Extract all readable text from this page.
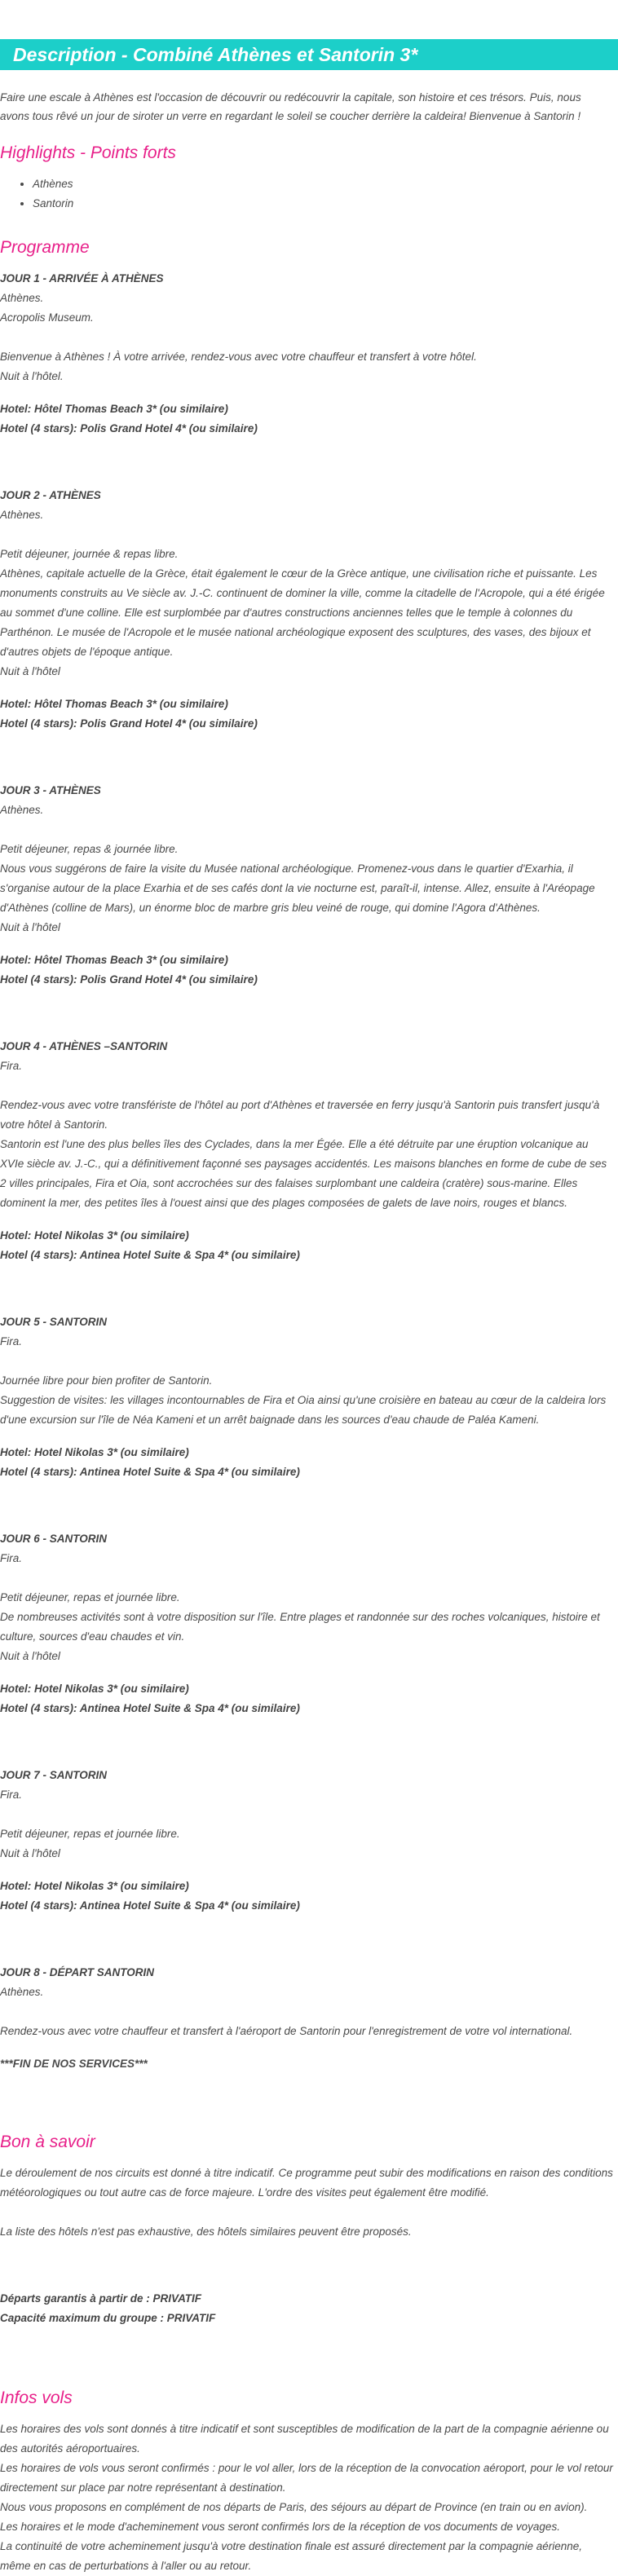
Description - Combiné Athènes et Santorin 3*

Faire une escale à Athènes est l'occasion de découvrir ou redécouvrir la capitale, son histoire et ces trésors. Puis, nous avons tous rêvé un jour de siroter un verre en regardant le soleil se coucher derrière la caldeira! Bienvenue à Santorin !

Highlights - Points forts
• Athènes
• Santorin
Programme
JOUR 1 - ARRIVÉE À ATHÈNES
Athènes.
Acropolis Museum.
Bienvenue à Athènes ! À votre arrivée, rendez-vous avec votre chauffeur et transfert à votre hôtel.
Nuit à l'hôtel.
Hotel: Hôtel Thomas Beach 3* (ou similaire)
Hotel (4 stars): Polis Grand Hotel 4* (ou similaire)
JOUR 2 - ATHÈNES
Athènes.
Petit déjeuner, journée & repas libre.
Athènes, capitale actuelle de la Grèce, était également le cœur de la Grèce antique, une civilisation riche et puissante. Les monuments construits au Ve siècle av. J.-C. continuent de dominer la ville, comme la citadelle de l'Acropole, qui a été érigée au sommet d'une colline. Elle est surplombée par d'autres constructions anciennes telles que le temple à colonnes du Parthénon. Le musée de l'Acropole et le musée national archéologique exposent des sculptures, des vases, des bijoux et d'autres objets de l'époque antique.
Nuit à l'hôtel
Hotel: Hôtel Thomas Beach 3* (ou similaire)
Hotel (4 stars): Polis Grand Hotel 4* (ou similaire)
JOUR 3 - ATHÈNES
Athènes.
Petit déjeuner, repas & journée libre.
Nous vous suggérons de faire la visite du Musée national archéologique. Promenez-vous dans le quartier d'Exarhia, il s'organise autour de la place Exarhia et de ses cafés dont la vie nocturne est, paraît-il, intense. Allez, ensuite à l'Aréopage d'Athènes (colline de Mars), un énorme bloc de marbre gris bleu veiné de rouge, qui domine l'Agora d'Athènes.
Nuit à l'hôtel
Hotel: Hôtel Thomas Beach 3* (ou similaire)
Hotel (4 stars): Polis Grand Hotel 4* (ou similaire)
JOUR 4 - ATHÈNES –SANTORIN
Fira.
Rendez-vous avec votre transfériste de l'hôtel au port d'Athènes et traversée en ferry jusqu'à Santorin puis transfert jusqu'à votre hôtel à Santorin.
Santorin est l'une des plus belles îles des Cyclades, dans la mer Égée. Elle a été détruite par une éruption volcanique au XVIe siècle av. J.-C., qui a définitivement façonné ses paysages accidentés. Les maisons blanches en forme de cube de ses 2 villes principales, Fira et Oia, sont accrochées sur des falaises surplombant une caldeira (cratère) sous-marine. Elles dominent la mer, des petites îles à l'ouest ainsi que des plages composées de galets de lave noirs, rouges et blancs.
Hotel: Hotel Nikolas 3* (ou similaire)
Hotel (4 stars): Antinea Hotel Suite & Spa 4* (ou similaire)
JOUR 5 - SANTORIN
Fira.
Journée libre pour bien profiter de Santorin.
Suggestion de visites: les villages incontournables de Fira et Oia ainsi qu'une croisière en bateau au cœur de la caldeira lors d'une excursion sur l'île de Néa Kameni et un arrêt baignade dans les sources d'eau chaude de Paléa Kameni.
Hotel: Hotel Nikolas 3* (ou similaire)
Hotel (4 stars): Antinea Hotel Suite & Spa 4* (ou similaire)
JOUR 6 - SANTORIN
Fira.
Petit déjeuner, repas et journée libre.
De nombreuses activités sont à votre disposition sur l'île. Entre plages et randonnée sur des roches volcaniques, histoire et culture, sources d'eau chaudes et vin.
Nuit à l'hôtel
Hotel: Hotel Nikolas 3* (ou similaire)
Hotel (4 stars): Antinea Hotel Suite & Spa 4* (ou similaire)
JOUR 7 - SANTORIN
Fira.
Petit déjeuner, repas et journée libre.
Nuit à l'hôtel
Hotel: Hotel Nikolas 3* (ou similaire)
Hotel (4 stars): Antinea Hotel Suite & Spa 4* (ou similaire)
JOUR 8 - DÉPART SANTORIN
Athènes.
Rendez-vous avec votre chauffeur et transfert à l'aéroport de Santorin pour l'enregistrement de votre vol international.
***FIN DE NOS SERVICES***
Bon à savoir

Le déroulement de nos circuits est donné à titre indicatif. Ce programme peut subir des modifications en raison des conditions météorologiques ou tout autre cas de force majeure. L'ordre des visites peut également être modifié.

La liste des hôtels n'est pas exhaustive, des hôtels similaires peuvent être proposés.

Départs garantis à partir de : PRIVATIF
Capacité maximum du groupe : PRIVATIF
Infos vols

Les horaires des vols sont donnés à titre indicatif et sont susceptibles de modification de la part de la compagnie aérienne ou des autorités aéroportuaires.
Les horaires de vols vous seront confirmés : pour le vol aller, lors de la réception de la convocation aéroport, pour le vol retour directement sur place par notre représentant à destination.
Nous vous proposons en complément de nos départs de Paris, des séjours au départ de Province (en train ou en avion).
Les horaires et le mode d'acheminement vous seront confirmés lors de la réception de vos documents de voyages.
La continuité de votre acheminement jusqu'à votre destination finale est assuré directement par la compagnie aérienne, même en cas de perturbations à l'aller ou au retour.
